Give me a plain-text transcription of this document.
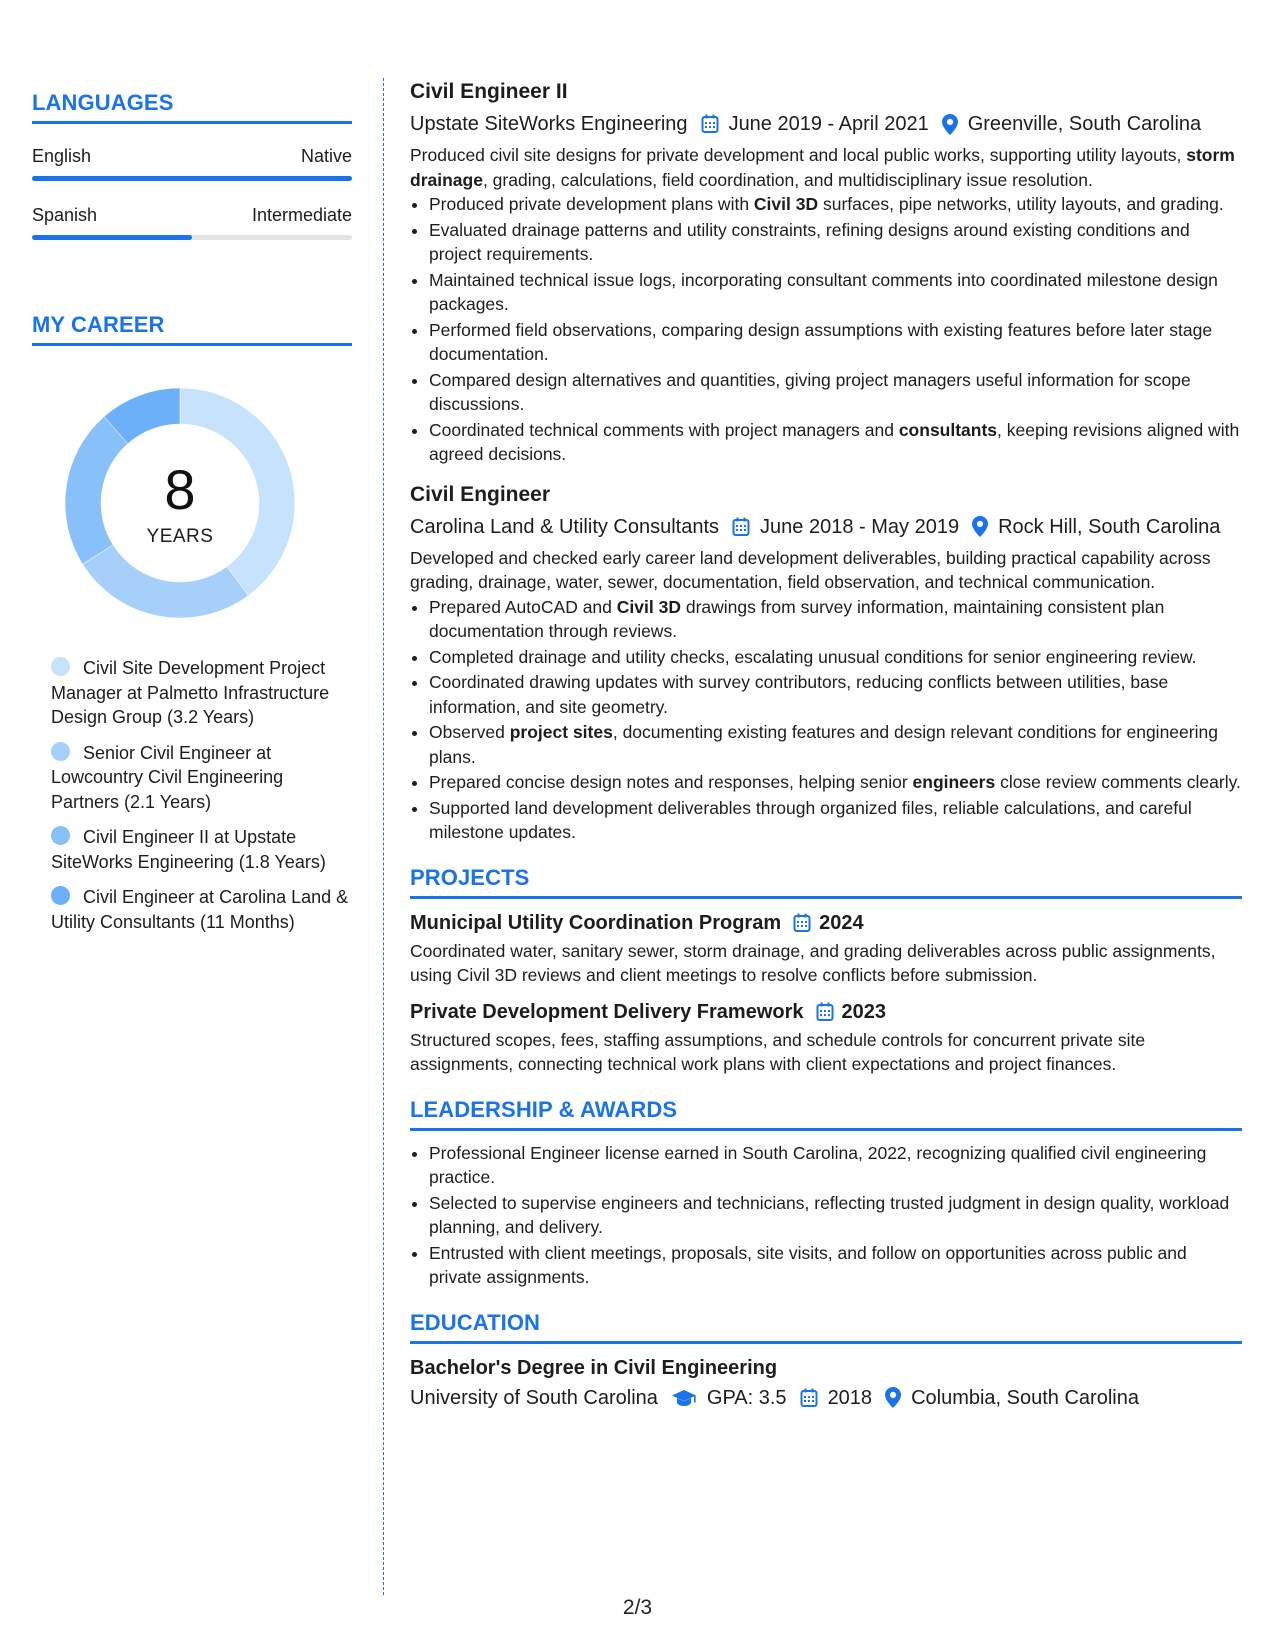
LANGUAGES
English	Native
Spanish	Intermediate
MY CAREER
8
YEARS
Civil Site Development Project Manager at Palmetto Infrastructure Design Group (3.2 Years)
Senior Civil Engineer at Lowcountry Civil Engineering Partners (2.1 Years)
Civil Engineer II at Upstate SiteWorks Engineering (1.8 Years)
Civil Engineer at Carolina Land & Utility Consultants (11 Months)
Civil Engineer II
Upstate SiteWorks Engineering June 2019 - April 2021 Greenville, South Carolina
Produced civil site designs for private development and local public works, supporting utility layouts, storm drainage, grading, calculations, field coordination, and multidisciplinary issue resolution.
• Produced private development plans with Civil 3D surfaces, pipe networks, utility layouts, and grading.
• Evaluated drainage patterns and utility constraints, refining designs around existing conditions and project requirements.
• Maintained technical issue logs, incorporating consultant comments into coordinated milestone design packages.
• Performed field observations, comparing design assumptions with existing features before later stage documentation.
• Compared design alternatives and quantities, giving project managers useful information for scope discussions.
• Coordinated technical comments with project managers and consultants, keeping revisions aligned with agreed decisions.
Civil Engineer
Carolina Land & Utility Consultants June 2018 - May 2019 Rock Hill, South Carolina
Developed and checked early career land development deliverables, building practical capability across grading, drainage, water, sewer, documentation, field observation, and technical communication.
• Prepared AutoCAD and Civil 3D drawings from survey information, maintaining consistent plan documentation through reviews.
• Completed drainage and utility checks, escalating unusual conditions for senior engineering review.
• Coordinated drawing updates with survey contributors, reducing conflicts between utilities, base information, and site geometry.
• Observed project sites, documenting existing features and design relevant conditions for engineering plans.
• Prepared concise design notes and responses, helping senior engineers close review comments clearly.
• Supported land development deliverables through organized files, reliable calculations, and careful milestone updates.
PROJECTS
Municipal Utility Coordination Program 2024
Coordinated water, sanitary sewer, storm drainage, and grading deliverables across public assignments, using Civil 3D reviews and client meetings to resolve conflicts before submission.
Private Development Delivery Framework 2023
Structured scopes, fees, staffing assumptions, and schedule controls for concurrent private site assignments, connecting technical work plans with client expectations and project finances.
LEADERSHIP & AWARDS
• Professional Engineer license earned in South Carolina, 2022, recognizing qualified civil engineering practice.
• Selected to supervise engineers and technicians, reflecting trusted judgment in design quality, workload planning, and delivery.
• Entrusted with client meetings, proposals, site visits, and follow on opportunities across public and private assignments.
EDUCATION
Bachelor's Degree in Civil Engineering
University of South Carolina GPA: 3.5 2018 Columbia, South Carolina
2/3
